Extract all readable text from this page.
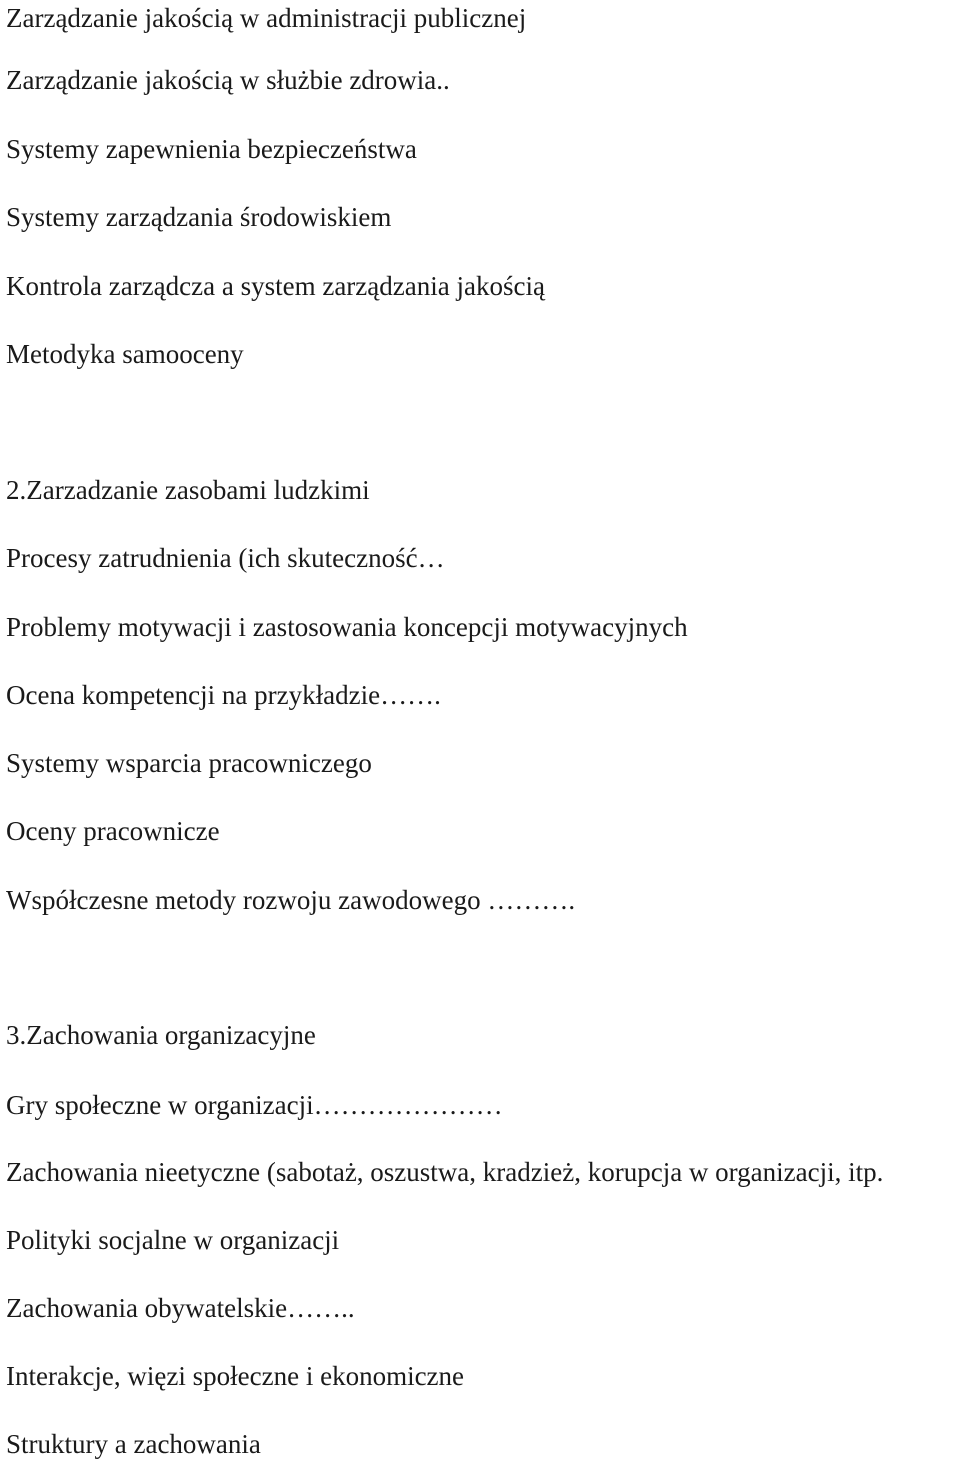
Zarządzanie jakością w administracji publicznej
Zarządzanie jakością w służbie zdrowia..
Systemy zapewnienia bezpieczeństwa
Systemy zarządzania środowiskiem
Kontrola zarządcza a system zarządzania jakością
Metodyka samooceny
2.Zarzadzanie zasobami ludzkimi
Procesy zatrudnienia (ich skuteczność…
Problemy motywacji i zastosowania koncepcji motywacyjnych
Ocena kompetencji na przykładzie…….
Systemy wsparcia pracowniczego
Oceny pracownicze
Współczesne metody rozwoju zawodowego ……….
3.Zachowania organizacyjne
Gry społeczne w organizacji…………………
Zachowania nieetyczne (sabotaż, oszustwa, kradzież, korupcja w organizacji, itp.
Polityki socjalne w organizacji
Zachowania obywatelskie……..
Interakcje, więzi społeczne i ekonomiczne
Struktury a zachowania
